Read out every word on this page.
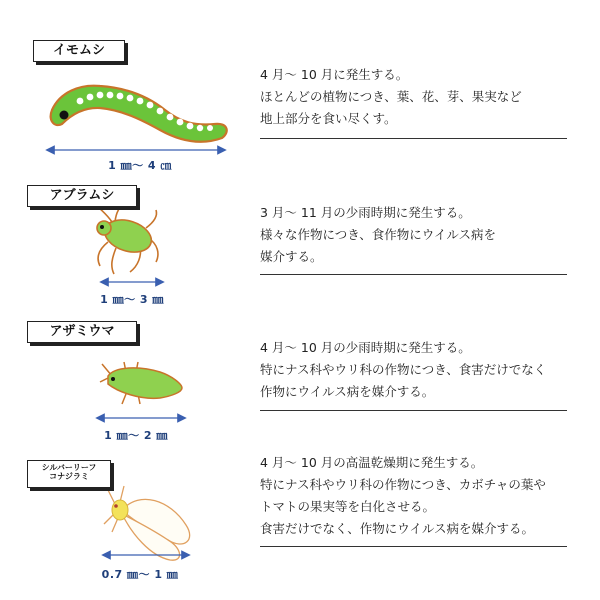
イモムシ
1 ㎜～ 4 ㎝
4 月～ 10 月に発生する。
ほとんどの植物につき、葉、花、芽、果実など
地上部分を食い尽くす。
アブラムシ
1 ㎜～ 3 ㎜
3 月～ 11 月の少雨時期に発生する。
様々な作物につき、食作物にウイルス病を
媒介する。
アザミウマ
1 ㎜～ 2 ㎜
4 月～ 10 月の少雨時期に発生する。
特にナス科やウリ科の作物につき、食害だけでなく
作物にウイルス病を媒介する。
シルバーリーフ
コナジラミ
0.7 ㎜～ 1 ㎜
4 月～ 10 月の高温乾燥期に発生する。
特にナス科やウリ科の作物につき、カボチャの葉や
トマトの果実等を白化させる。
食害だけでなく、作物にウイルス病を媒介する。
